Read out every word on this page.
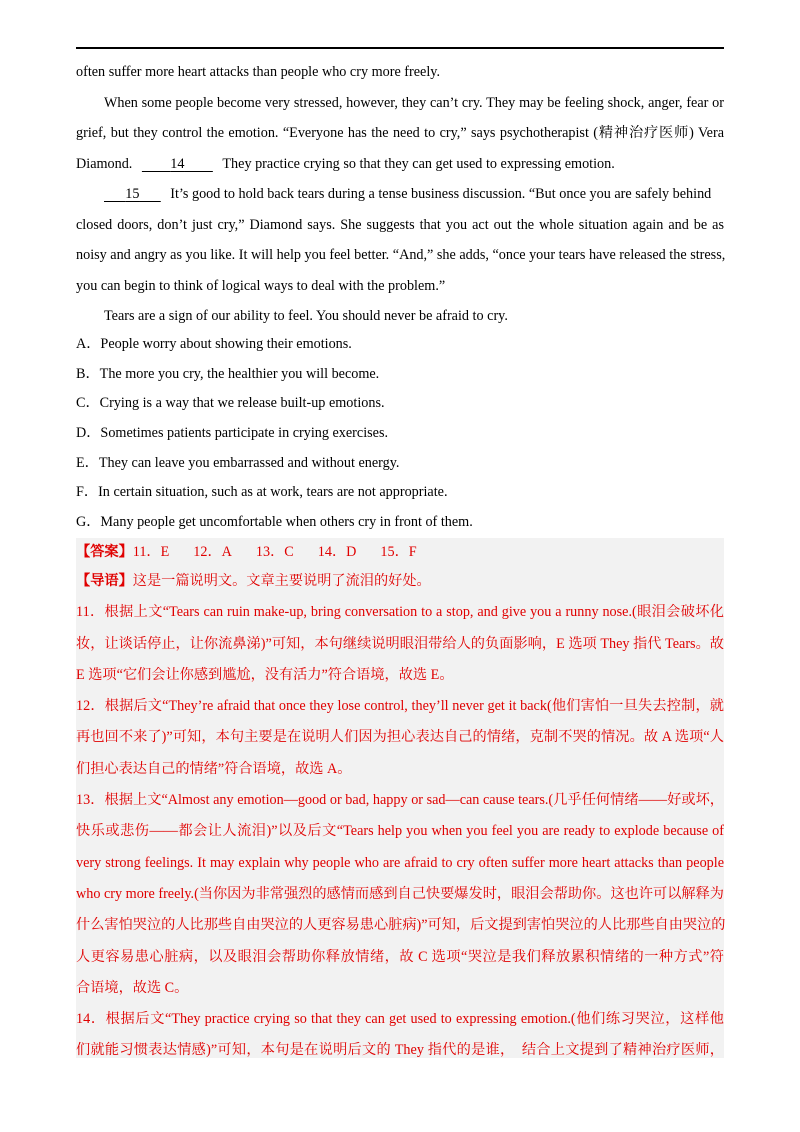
often suffer more heart attacks than people who cry more freely.
When some people become very stressed, however, they can’t cry. They may be feeling shock, anger, fear or
grief, but they control the emotion. “Everyone has the need to cry,” says psychotherapist (精神治疗医师) Vera
Diamond.     	14    	They practice crying so that they can get used to expressing emotion.
   15    It’s good to hold back tears during a tense business discussion. “But once you are safely behind
closed doors, don’t just cry,” Diamond says. She suggests that you act out the whole situation again and be as
noisy and angry as you like. It will help you feel better. “And,” she adds, “once your tears have released the stress,
you can begin to think of logical ways to deal with the problem.”
Tears are a sign of our ability to feel. You should never be afraid to cry.
A．People worry about showing their emotions.
B．The more you cry, the healthier you will become.
C．Crying is a way that we release built-up emotions.
D．Sometimes patients participate in crying exercises.
E．They can leave you embarrassed and without energy.
F．In certain situation, such as at work, tears are not appropriate.
G．Many people get uncomfortable when others cry in front of them.
【答案】11．E 12．A 13．C 14．D 15．F
【导语】这是一篇说明文。文章主要说明了流泪的好处。
11．根据上文“Tears can ruin make-up, bring conversation to a stop, and give you a runny nose.(眼泪会破坏化
妆，让谈话停止，让你流鼻涕)”可知，本句继续说明眼泪带给人的负面影响，E 选项 They 指代 Tears。故
E 选项“它们会让你感到尴尬，没有活力”符合语境，故选 E。
12．根据后文“They’re afraid that once they lose control, they’ll never get it back(他们害怕一旦失去控制，就
再也回不来了)”可知，本句主要是在说明人们因为担心表达自己的情绪，克制不哭的情况。故 A 选项“人
们担心表达自己的情绪”符合语境，故选 A。
13．根据上文“Almost any emotion—good or bad, happy or sad—can cause tears.(几乎任何情绪——好或坏，
快乐或悲伤——都会让人流泪)”以及后文“Tears help you when you feel you are ready to explode because of
very strong feelings. It may explain why people who are afraid to cry often suffer more heart attacks than people
who cry more freely.(当你因为非常强烈的感情而感到自己快要爆发时，眼泪会帮助你。这也许可以解释为
什么害怕哭泣的人比那些自由哭泣的人更容易患心脏病)”可知，后文提到害怕哭泣的人比那些自由哭泣的
人更容易患心脏病，以及眼泪会帮助你释放情绪，故 C 选项“哭泣是我们释放累积情绪的一种方式”符
合语境，故选 C。
14．根据后文“They practice crying so that they can get used to expressing emotion.(他们练习哭泣，这样他
们就能习惯表达情感)”可知，本句是在说明后文的 They 指代的是谁，　结合上文提到了精神治疗医师，
